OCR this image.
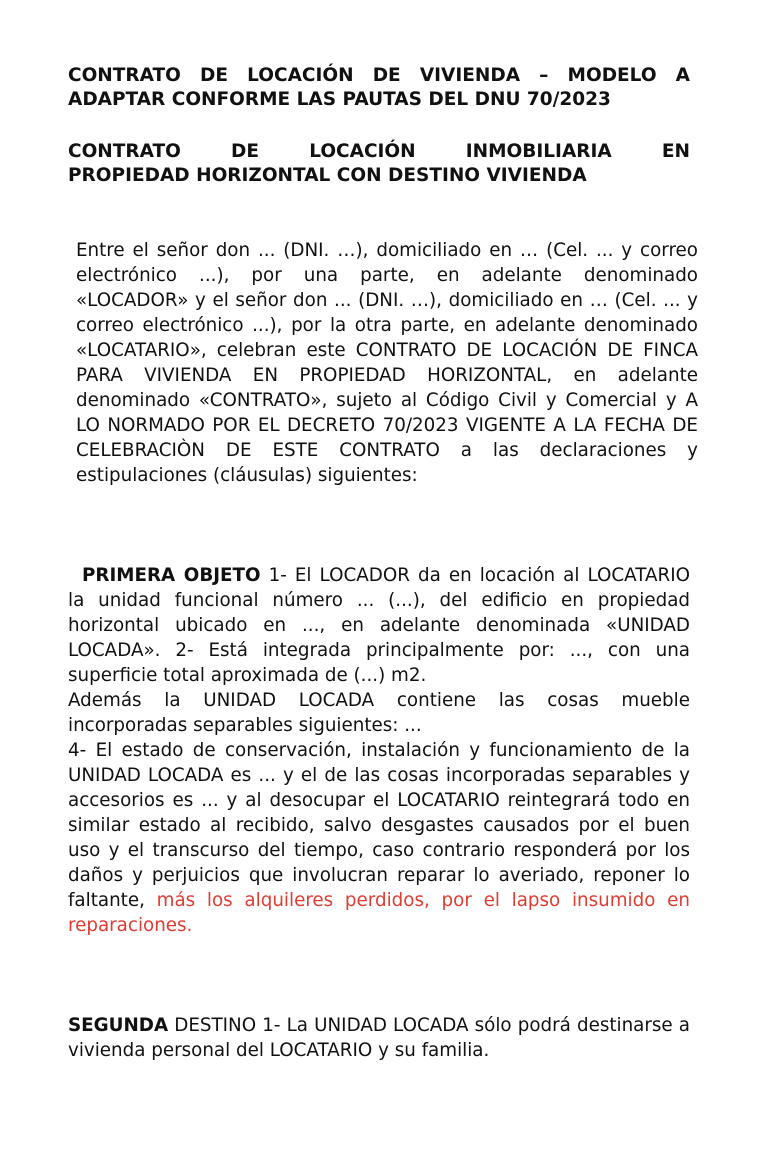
CONTRATO DE LOCACIÓN DE VIVIENDA – MODELO A ADAPTAR CONFORME LAS PAUTAS DEL DNU 70/2023
CONTRATO DE LOCACIÓN INMOBILIARIA EN
PROPIEDAD HORIZONTAL CON DESTINO VIVIENDA

Entre el señor don ... (DNI. …), domiciliado en … (Cel. ... y correo electrónico ...), por una parte, en adelante denominado «LOCADOR» y el señor don ... (DNI. …), domiciliado en … (Cel. ... y correo electrónico ...), por la otra parte, en adelante denominado «LOCATARIO», celebran este CONTRATO DE LOCACIÓN DE FINCA PARA VIVIENDA EN PROPIEDAD HORIZONTAL, en adelante denominado «CONTRATO», sujeto al Código Civil y Comercial y A LO NORMADO POR EL DECRETO 70/2023 VIGENTE A LA FECHA DE CELEBRACIÒN DE ESTE CONTRATO a las declaraciones y estipulaciones (cláusulas) siguientes:

PRIMERA OBJETO 1- El LOCADOR da en locación al LOCATARIO la unidad funcional número ... (...), del edificio en propiedad horizontal ubicado en ..., en adelante denominada «UNIDAD LOCADA». 2- Está integrada principalmente por: ..., con una superficie total aproximada de (...) m2.
Además la UNIDAD LOCADA contiene las cosas mueble incorporadas separables siguientes: ...
4- El estado de conservación, instalación y funcionamiento de la UNIDAD LOCADA es ... y el de las cosas incorporadas separables y accesorios es ... y al desocupar el LOCATARIO reintegrará todo en similar estado al recibido, salvo desgastes causados por el buen uso y el transcurso del tiempo, caso contrario responderá por los daños y perjuicios que involucran reparar lo averiado, reponer lo faltante, más los alquileres perdidos, por el lapso insumido en reparaciones.

SEGUNDA DESTINO 1- La UNIDAD LOCADA sólo podrá destinarse a vivienda personal del LOCATARIO y su familia.
